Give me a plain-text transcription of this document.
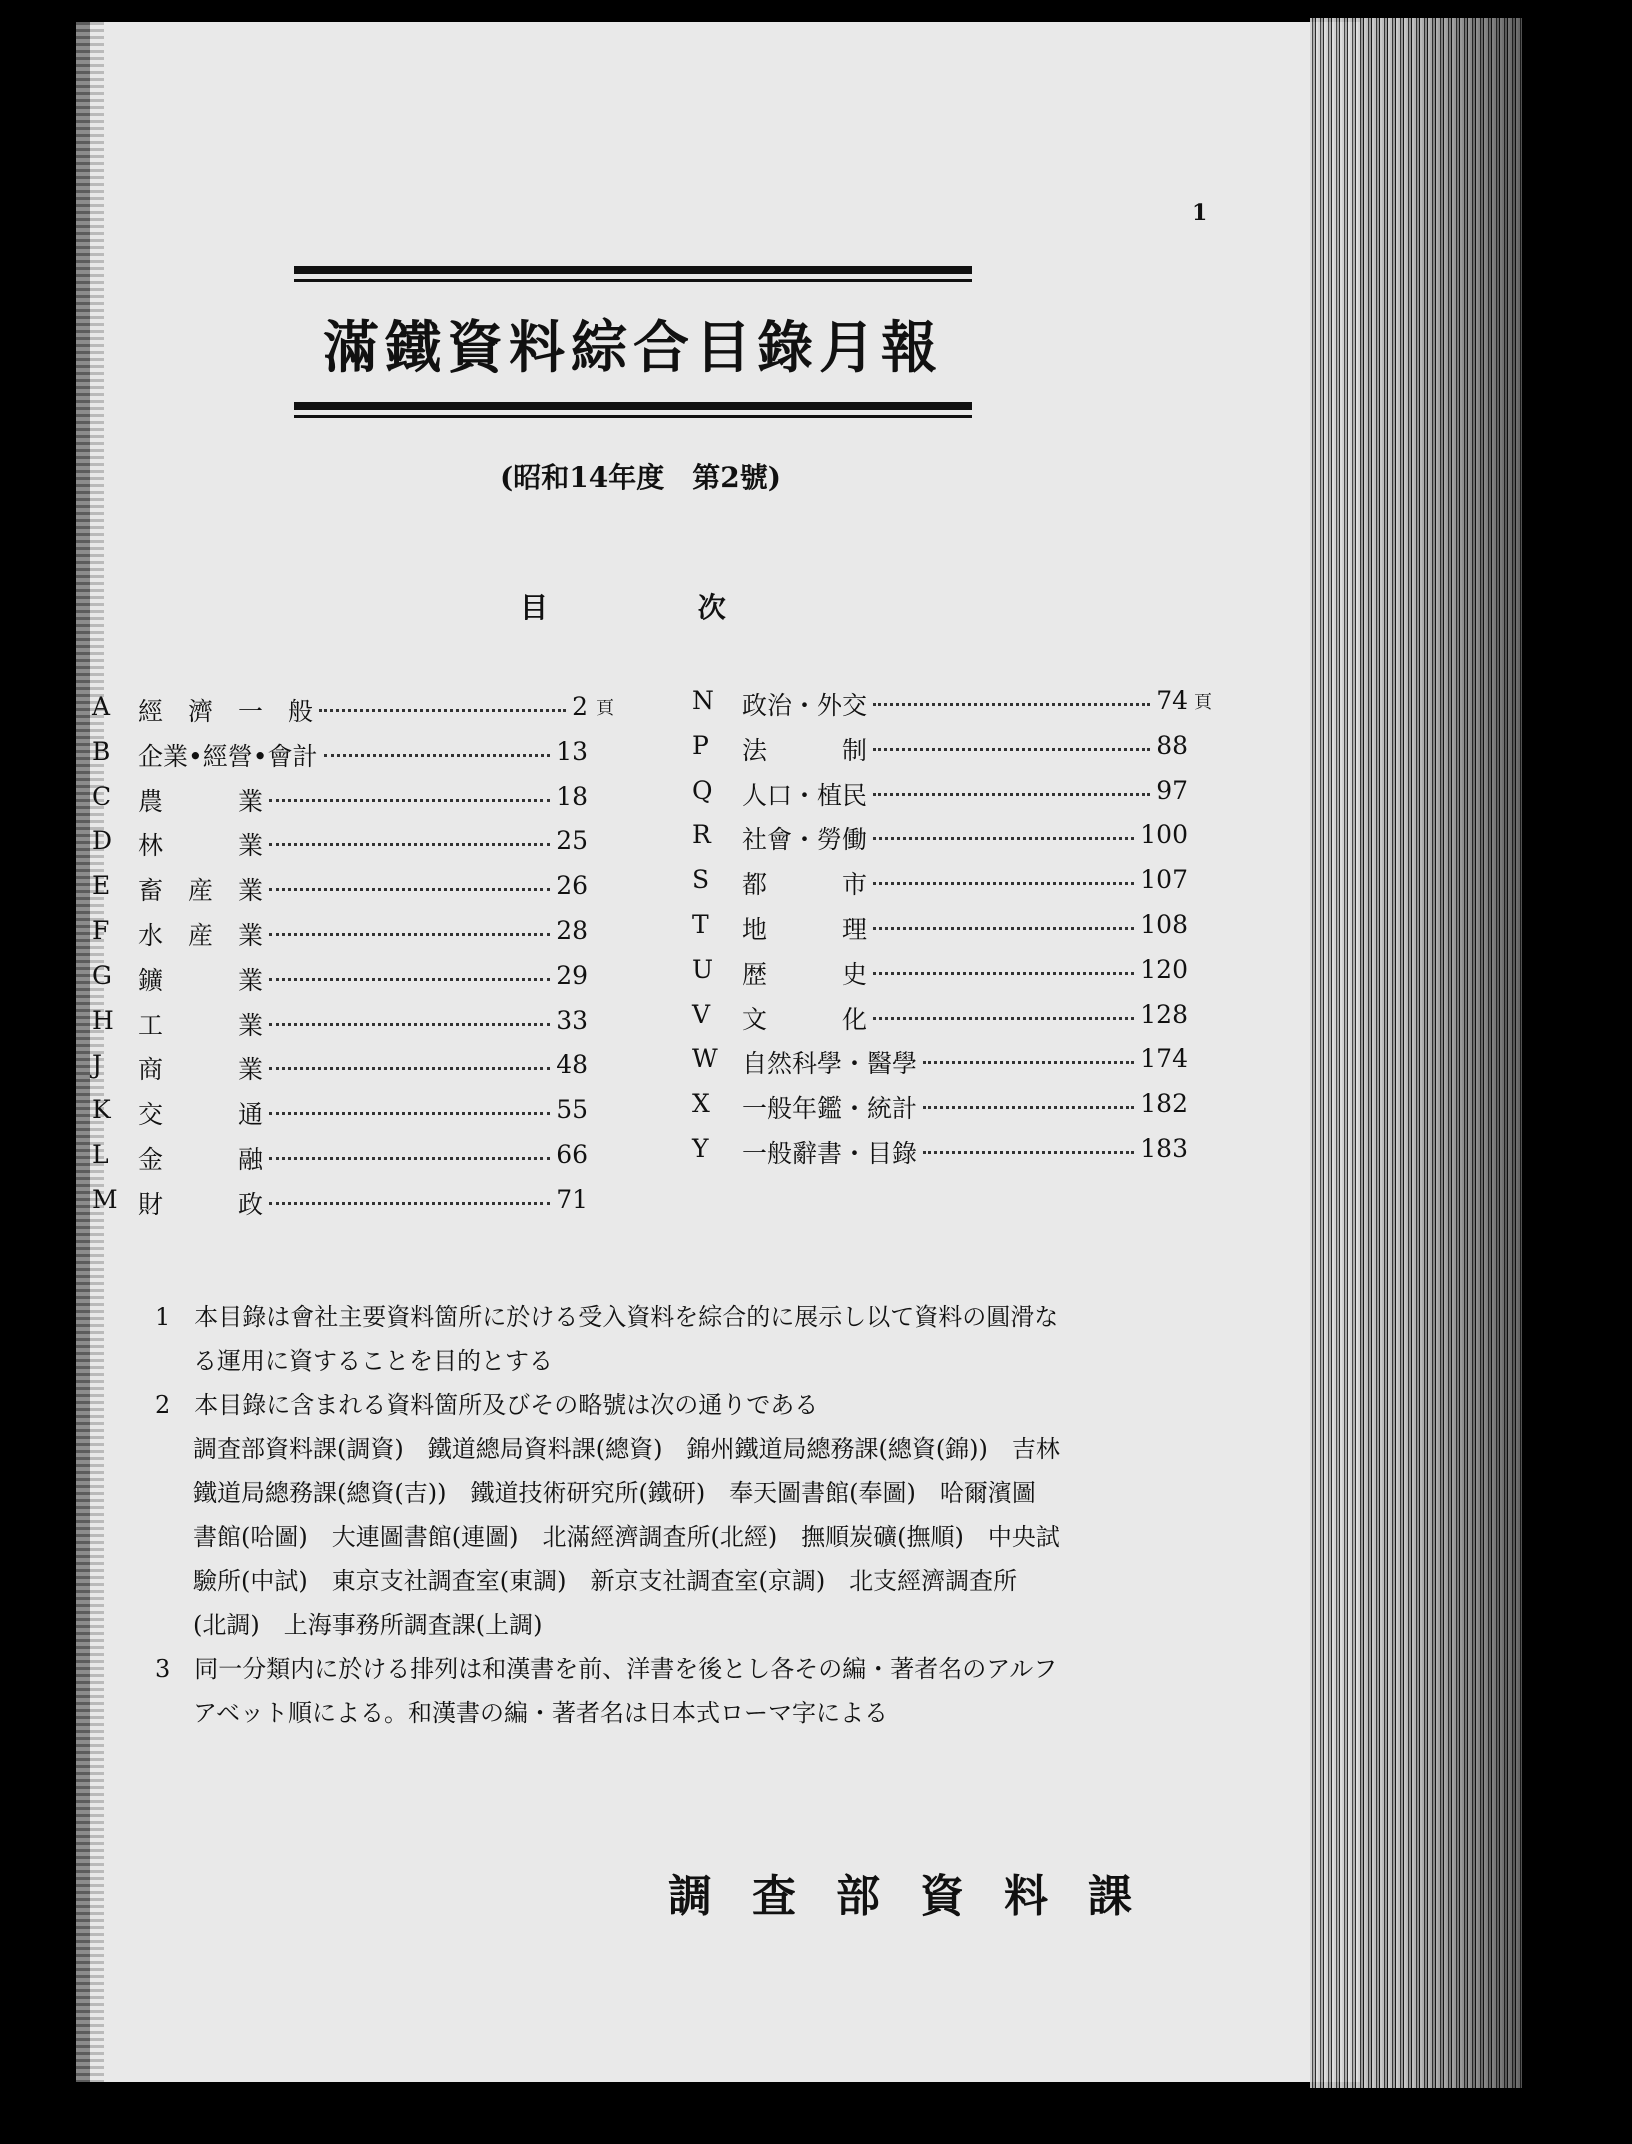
1
滿鐵資料綜合目錄月報
(昭和14年度　第2號)
目	次
A 經　濟　一　般	2 頁
B 企業•經營•會計	13
C 農　　　業	18
D 林　　　業	25
E 畜　産　業	26
F 水　産　業	28
G 鑛　　　業	29
H 工　　　業	33
J 商　　　業	48
K 交　　　通	55
L 金　　　融	66
M 財　　　政	71
N 政治・外交	74 頁
P 法　　　制	88
Q 人口・植民	97
R 社會・勞働	100
S 都　　　市	107
T 地　　　理	108
U 歴　　　史	120
V 文　　　化	128
W 自然科學・醫學	174
X 一般年鑑・統計	182
Y 一般辭書・目錄	183

1　本目錄は會社主要資料箇所に於ける受入資料を綜合的に展示し以て資料の圓滑な

る運用に資することを目的とする

2　本目錄に含まれる資料箇所及びその略號は次の通りである

調査部資料課(調資)　鐵道總局資料課(總資)　錦州鐵道局總務課(總資(錦))　吉林

鐵道局總務課(總資(吉))　鐵道技術研究所(鐵研)　奉天圖書館(奉圖)　哈爾濱圖

書館(哈圖)　大連圖書館(連圖)　北滿經濟調査所(北經)　撫順炭礦(撫順)　中央試

驗所(中試)　東京支社調査室(東調)　新京支社調査室(京調)　北支經濟調査所

(北調)　上海事務所調査課(上調)

3　同一分類内に於ける排列は和漢書を前、洋書を後とし各その編・著者名のアルフ

アベット順による。和漢書の編・著者名は日本式ローマ字による

調査部資料課
